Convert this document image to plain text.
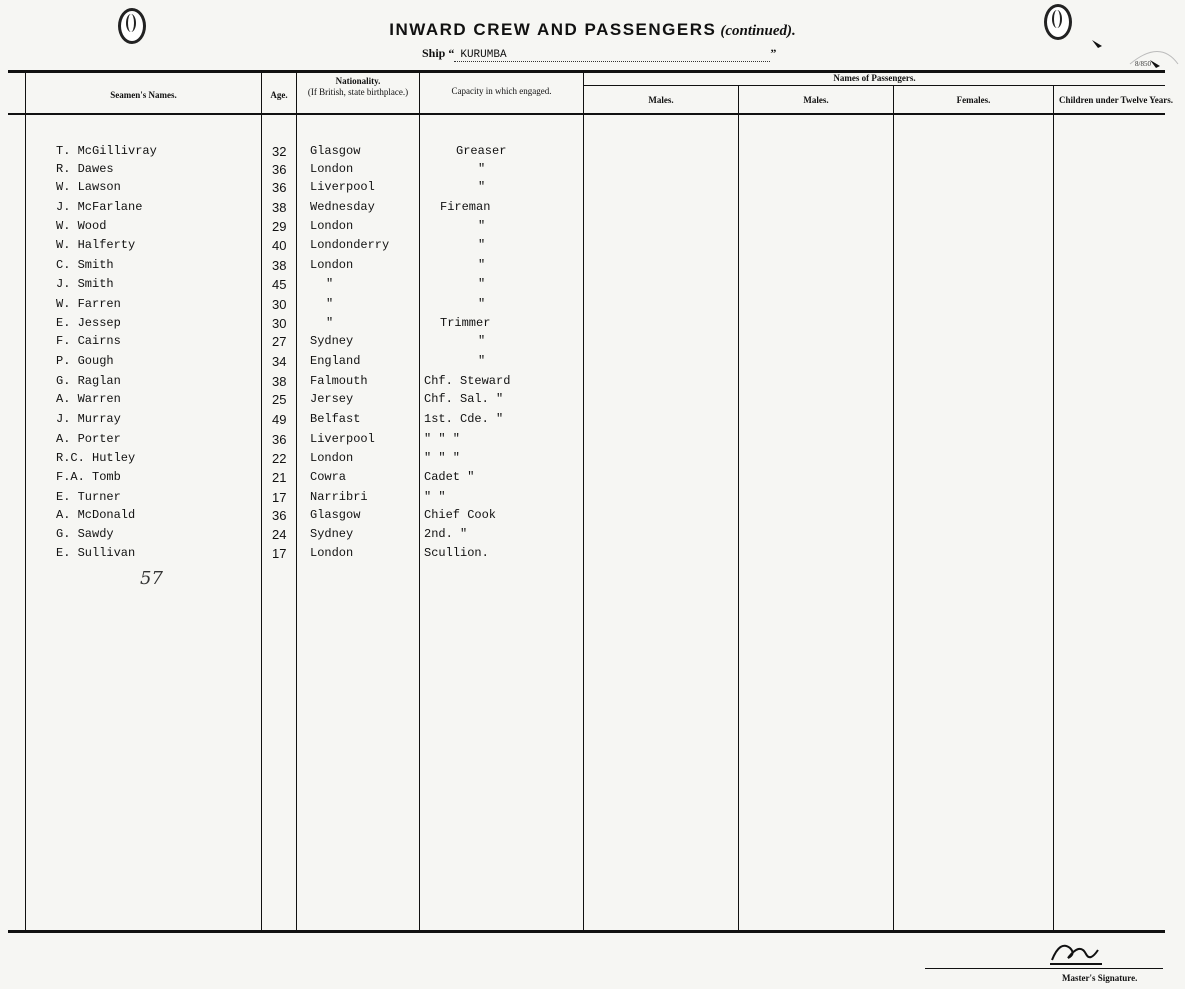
INWARD CREW AND PASSENGERS (continued).
Ship “ KURUMBA	”
8/850
Seamen's Names.	Age.
Nationality.
(If British, state birthplace.)	Capacity in which engaged.
Names of Passengers.
Males.	Males.	Females.	Children under Twelve Years.
T. McGillivray	32 Glasgow	Greaser
R. Dawes	36 London	"
W. Lawson	36 Liverpool	"
J. McFarlane	38 Wednesday	Fireman
W. Wood	29 London	"
W. Halferty	40 Londonderry	"
C. Smith	38 London	"
J. Smith	45	"	"
W. Farren	30	"	"
E. Jessep	30	"	Trimmer
F. Cairns	27 Sydney	"
P. Gough	34 England	"
G. Raglan	38 Falmouth	Chf. Steward
A. Warren	25 Jersey	Chf. Sal. "
J. Murray	49 Belfast	1st. Cde. "
A. Porter	36 Liverpool	" " "
R.C. Hutley	22 London	" " "
F.A. Tomb	21 Cowra	Cadet "
E. Turner	17 Narribri	" "
A. McDonald	36 Glasgow	Chief Cook
G. Sawdy	24 Sydney	2nd. "
E. Sullivan	17 London	Scullion.
57
Master's Signature.
